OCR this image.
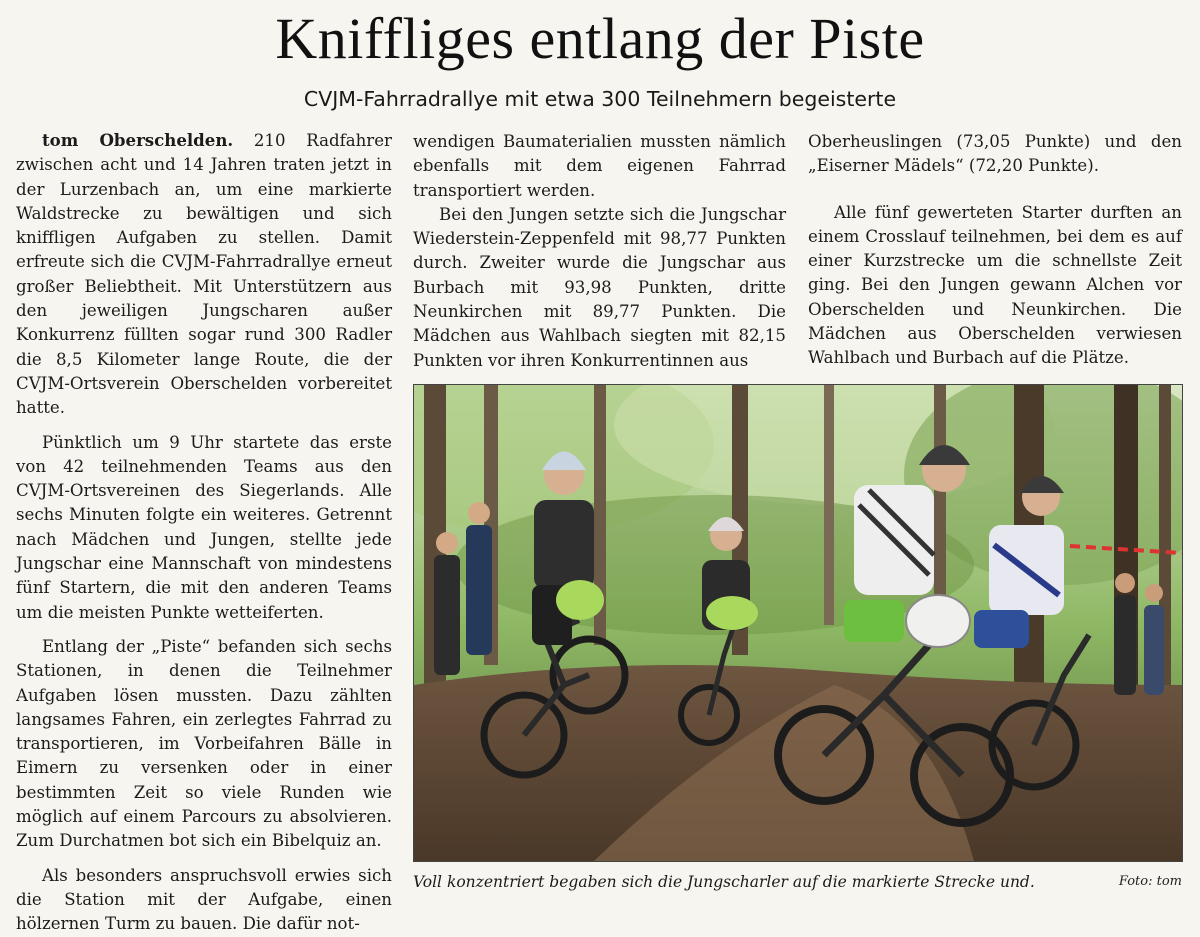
Kniffliges entlang der Piste
CVJM-Fahrradrallye mit etwa 300 Teilnehmern begeisterte

tom Oberschelden. 210 Radfahrer zwischen acht und 14 Jahren traten jetzt in der Lurzenbach an, um eine markierte Waldstrecke zu bewältigen und sich kniffligen Aufgaben zu stellen. Damit erfreute sich die CVJM-Fahrradrallye erneut großer Beliebtheit. Mit Unterstützern aus den jeweiligen Jungscharen außer Konkurrenz füllten sogar rund 300 Radler die 8,5 Kilometer lange Route, die der CVJM-Ortsverein Oberschelden vorbereitet hatte.

Pünktlich um 9 Uhr startete das erste von 42 teilnehmenden Teams aus den CVJM-Ortsvereinen des Siegerlands. Alle sechs Minuten folgte ein weiteres. Getrennt nach Mädchen und Jungen, stellte jede Jungschar eine Mannschaft von mindestens fünf Startern, die mit den anderen Teams um die meisten Punkte wetteiferten.

Entlang der „Piste“ befanden sich sechs Stationen, in denen die Teilnehmer Aufgaben lösen mussten. Dazu zählten langsames Fahren, ein zerlegtes Fahrrad zu transportieren, im Vorbeifahren Bälle in Eimern zu versenken oder in einer bestimmten Zeit so viele Runden wie möglich auf einem Parcours zu absolvieren. Zum Durchatmen bot sich ein Bibelquiz an.

Als besonders anspruchsvoll erwies sich die Station mit der Aufgabe, einen hölzernen Turm zu bauen. Die dafür not-

wendigen Baumaterialien mussten nämlich ebenfalls mit dem eigenen Fahrrad transportiert werden.

Bei den Jungen setzte sich die Jungschar Wiederstein-Zeppenfeld mit 98,77 Punkten durch. Zweiter wurde die Jungschar aus Burbach mit 93,98 Punkten, dritte Neunkirchen mit 89,77 Punkten. Die Mädchen aus Wahlbach siegten mit 82,15 Punkten vor ihren Konkurrentinnen aus

Oberheuslingen (73,05 Punkte) und den „Eiserner Mädels“ (72,20 Punkte).

Alle fünf gewerteten Starter durften an einem Crosslauf teilnehmen, bei dem es auf einer Kurzstrecke um die schnellste Zeit ging. Bei den Jungen gewann Alchen vor Oberschelden und Neunkirchen. Die Mädchen aus Oberschelden verwiesen Wahlbach und Burbach auf die Plätze.

Voll konzentriert begaben sich die Jungscharler auf die markierte Strecke und.	Foto: tom
